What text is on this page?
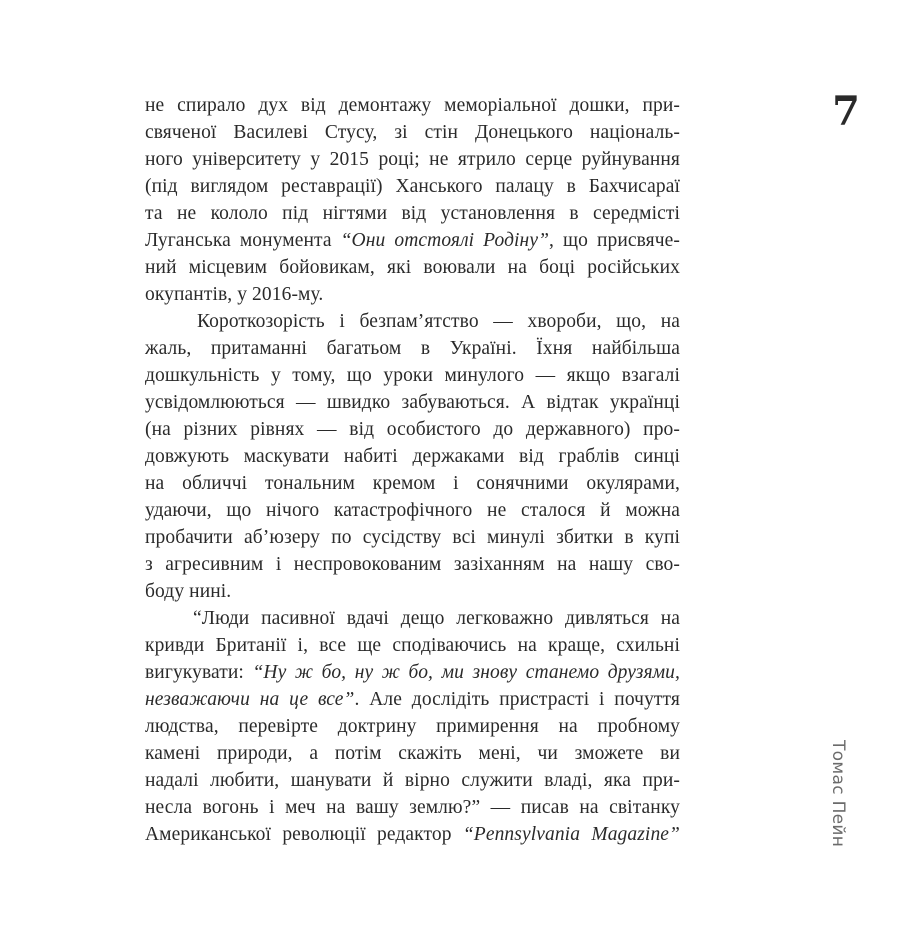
7
не спирало дух від демонтажу меморіальної дошки, при-
свяченої Василеві Стусу, зі стін Донецького національ-
ного університету у 2015 році; не ятрило серце руйнування
(під виглядом реставрації) Ханського палацу в Бахчисараї
та не кололо під нігтями від установлення в середмісті
Луганська монумента “Они отстоялі Родіну”, що присвяче-
ний місцевим бойовикам, які воювали на боці російських
окупантів, у 2016-му.
Короткозорість і безпам’ятство — хвороби, що, на
жаль, притаманні багатьом в Україні. Їхня найбільша
дошкульність у тому, що уроки минулого — якщо взагалі
усвідомлюються — швидко забуваються. А відтак українці
(на різних рівнях — від особистого до державного) про-
довжують маскувати набиті держаками від граблів синці
на обличчі тональним кремом і сонячними окулярами,
удаючи, що нічого катастрофічного не сталося й можна
пробачити аб’юзеру по сусідству всі минулі збитки в купі
з агресивним і неспровокованим зазіханням на нашу сво-
боду нині.
“Люди пасивної вдачі дещо легковажно дивляться на
кривди Британії і, все ще сподіваючись на краще, схильні
вигукувати: “Ну ж бо, ну ж бо, ми знову станемо друзями,
незважаючи на це все”. Але дослідіть пристрасті і почуття
людства, перевірте доктрину примирення на пробному
камені природи, а потім скажіть мені, чи зможете ви
надалі любити, шанувати й вірно служити владі, яка при-
несла вогонь і меч на вашу землю?” — писав на світанку
Американської революції редактор “Pennsylvania Magazine”	Томас Пейн
